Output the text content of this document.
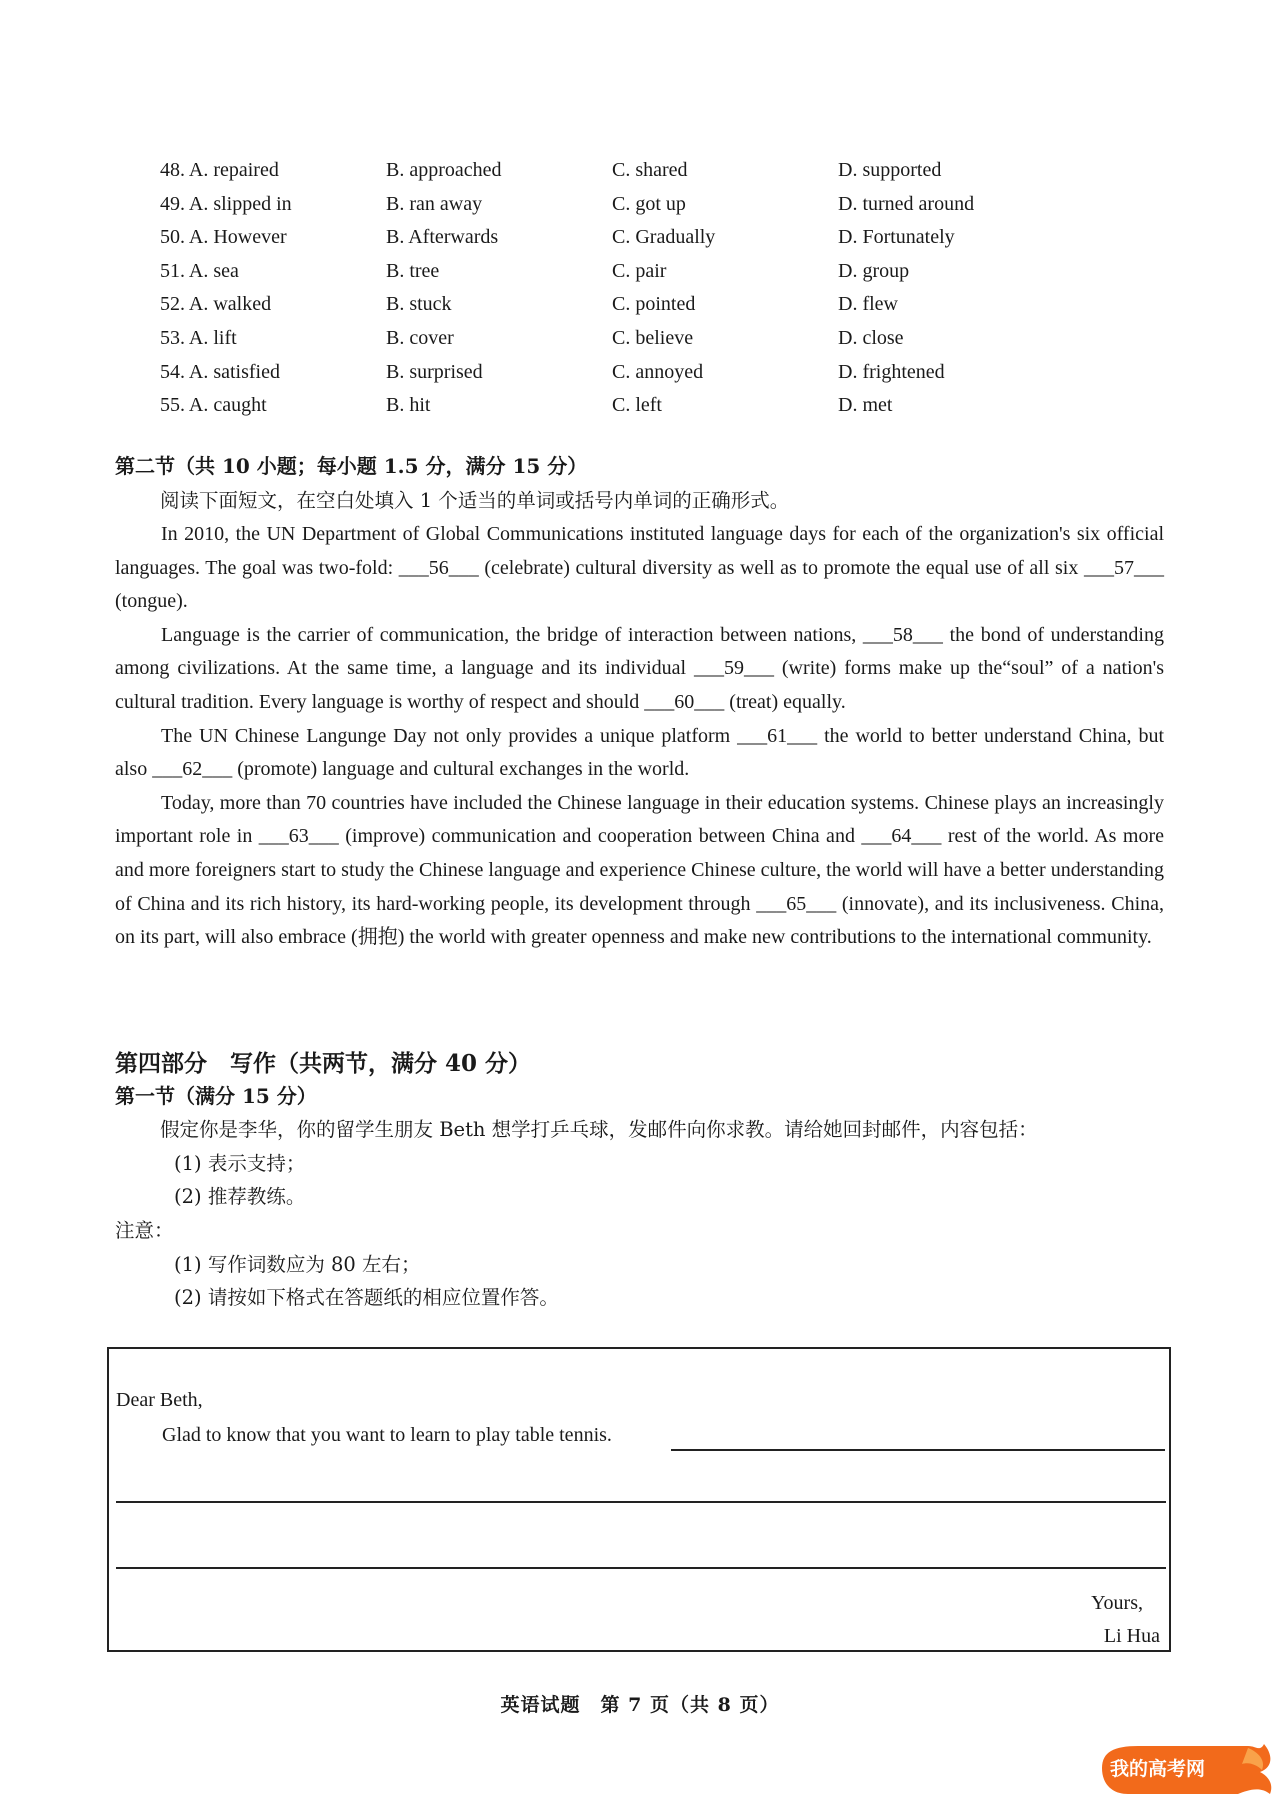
48. A. repaired	B. approached	C. shared	D. supported
49. A. slipped in	B. ran away	C. got up	D. turned around
50. A. However	B. Afterwards	C. Gradually	D. Fortunately
51. A. sea	B. tree	C. pair	D. group
52. A. walked	B. stuck	C. pointed	D. flew
53. A. lift	B. cover	C. believe	D. close
54. A. satisfied	B. surprised	C. annoyed	D. frightened
55. A. caught	B. hit	C. left	D. met
第二节（共 10 小题；每小题 1.5 分，满分 15 分）
阅读下面短文，在空白处填入 1 个适当的单词或括号内单词的正确形式。

In 2010, the UN Department of Global Communications instituted language days for each of the organization's six official languages. The goal was two-fold: ___56___ (celebrate) cultural diversity as well as to promote the equal use of all six ___57___ (tongue).

Language is the carrier of communication, the bridge of interaction between nations, ___58___ the bond of understanding among civilizations. At the same time, a language and its individual ___59___ (write) forms make up the“soul” of a nation's cultural tradition. Every language is worthy of respect and should ___60___ (treat) equally.

The UN Chinese Langunge Day not only provides a unique platform ___61___ the world to better understand China, but also ___62___ (promote) language and cultural exchanges in the world.

Today, more than 70 countries have included the Chinese language in their education systems. Chinese plays an increasingly important role in ___63___ (improve) communication and cooperation between China and ___64___ rest of the world. As more and more foreigners start to study the Chinese language and experience Chinese culture, the world will have a better understanding of China and its rich history, its hard-working people, its development through ___65___ (innovate), and its inclusiveness. China, on its part, will also embrace (拥抱) the world with greater openness and make new contributions to the international community.

第四部分　写作（共两节，满分 40 分）
第一节（满分 15 分）
假定你是李华，你的留学生朋友 Beth 想学打乒乓球，发邮件向你求教。请给她回封邮件，内容包括：
(1) 表示支持；
(2) 推荐教练。
注意：
(1) 写作词数应为 80 左右；
(2) 请按如下格式在答题纸的相应位置作答。
Dear Beth,
Glad to know that you want to learn to play table tennis.
Yours,
Li Hua
英语试题　第 7 页（共 8 页）
我的高考网
